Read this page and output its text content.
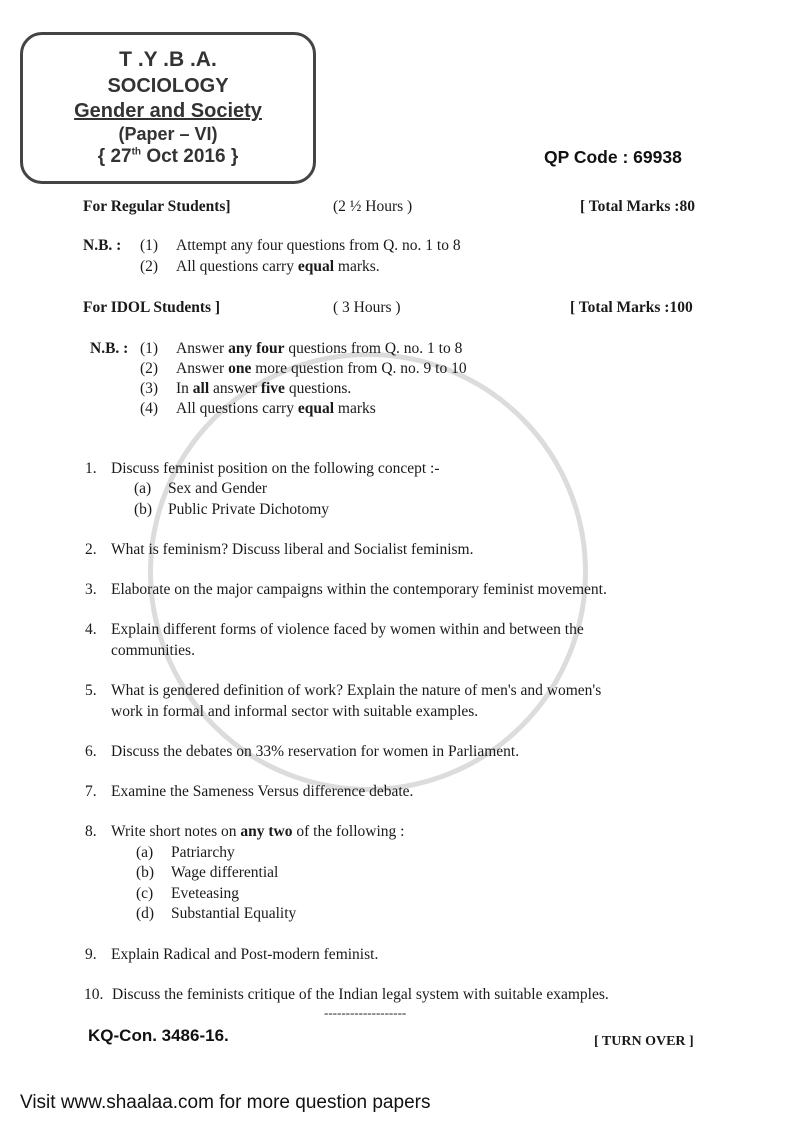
T .Y .B .A.
SOCIOLOGY
Gender and Society
(Paper – VI)
{ 27th Oct 2016 }	QP Code : 69938
For Regular Students]	(2 ½ Hours )	[ Total Marks :80
N.B. : (1) Attempt any four questions from Q. no. 1 to 8
(2) All questions carry equal marks.
For IDOL Students ]	( 3 Hours )	[ Total Marks :100
N.B. : (1) Answer any four questions from Q. no. 1 to 8
(2) Answer one more question from Q. no. 9 to 10
(3) In all answer five questions.
(4) All questions carry equal marks
1. Discuss feminist position on the following concept :-
(a) Sex and Gender
(b) Public Private Dichotomy
2. What is feminism? Discuss liberal and Socialist feminism.
3. Elaborate on the major campaigns within the contemporary feminist movement.
4. Explain different forms of violence faced by women within and between the
communities.
5. What is gendered definition of work? Explain the nature of men's and women's
work in formal and informal sector with suitable examples.
6. Discuss the debates on 33% reservation for women in Parliament.
7. Examine the Sameness Versus difference debate.
8. Write short notes on any two of the following :
(a) Patriarchy
(b) Wage differential
(c) Eveteasing
(d) Substantial Equality
9. Explain Radical and Post-modern feminist.
10. Discuss the feminists critique of the Indian legal system with suitable examples.
-------------------
KQ-Con. 3486-16.	[ TURN OVER ]
Visit www.shaalaa.com for more question papers
